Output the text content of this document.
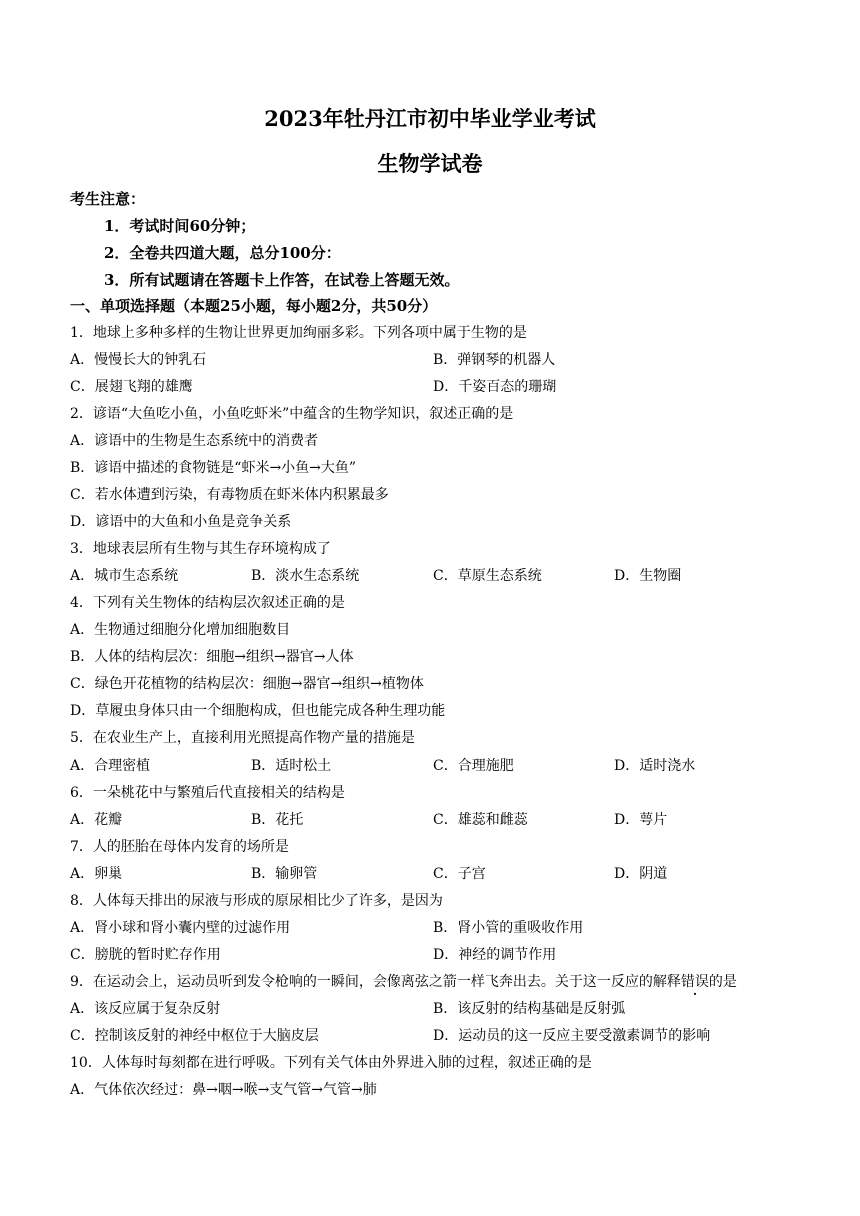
2023年牡丹江市初中毕业学业考试
生物学试卷
考生注意：
1．考试时间60分钟；
2．全卷共四道大题，总分100分：
3．所有试题请在答题卡上作答，在试卷上答题无效。
一、单项选择题（本题25小题，每小题2分，共50分）
1．地球上多种多样的生物让世界更加绚丽多彩。下列各项中属于生物的是
A．慢慢长大的钟乳石	B．弹钢琴的机器人
C．展翅飞翔的雄鹰	D．千姿百态的珊瑚
2．谚语“大鱼吃小鱼，小鱼吃虾米”中蕴含的生物学知识，叙述正确的是
A．谚语中的生物是生态系统中的消费者
B．谚语中描述的食物链是“虾米→小鱼→大鱼”
C．若水体遭到污染，有毒物质在虾米体内积累最多
D．谚语中的大鱼和小鱼是竞争关系
3．地球表层所有生物与其生存环境构成了
A．城市生态系统	B．淡水生态系统	C．草原生态系统	D．生物圈
4．下列有关生物体的结构层次叙述正确的是
A．生物通过细胞分化增加细胞数目
B．人体的结构层次：细胞→组织→器官→人体
C．绿色开花植物的结构层次：细胞→器官→组织→植物体
D．草履虫身体只由一个细胞构成，但也能完成各种生理功能
5．在农业生产上，直接利用光照提高作物产量的措施是
A．合理密植	B．适时松土	C．合理施肥	D．适时浇水
6．一朵桃花中与繁殖后代直接相关的结构是
A．花瓣	B．花托	C．雄蕊和雌蕊	D．萼片
7．人的胚胎在母体内发育的场所是
A．卵巢	B．输卵管	C．子宫	D．阴道
8．人体每天排出的尿液与形成的原尿相比少了许多，是因为
A．肾小球和肾小囊内壁的过滤作用	B．肾小管的重吸收作用
C．膀胱的暂时贮存作用	D．神经的调节作用
9．在运动会上，运动员听到发令枪响的一瞬间，会像离弦之箭一样飞奔出去。关于这一反应的解释错误的是
A．该反应属于复杂反射	B．该反射的结构基础是反射弧
C．控制该反射的神经中枢位于大脑皮层	D．运动员的这一反应主要受激素调节的影响
10．人体每时每刻都在进行呼吸。下列有关气体由外界进入肺的过程，叙述正确的是
A．气体依次经过：鼻→咽→喉→支气管→气管→肺
